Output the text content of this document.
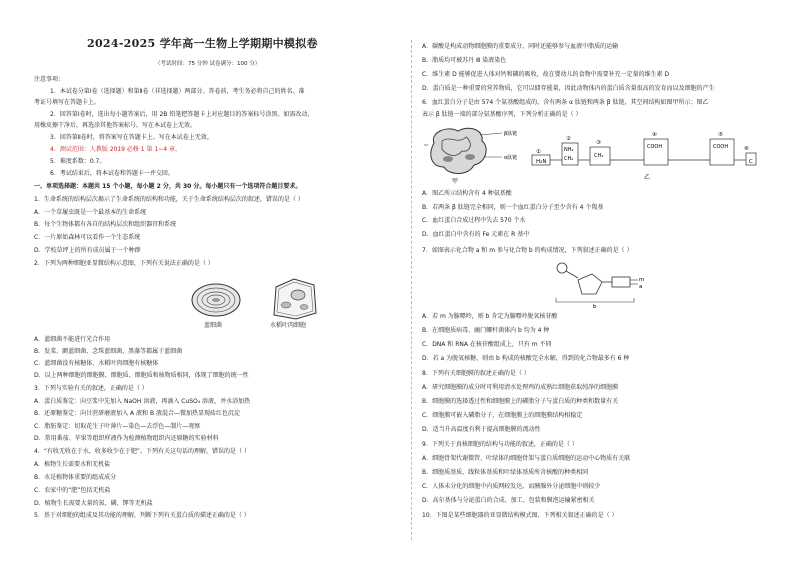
2024-2025 学年高一生物上学期期中模拟卷
（考试时间：75 分钟 试卷满分：100 分）
注意事项：
1．本试卷分第Ⅰ卷（选择题）和第Ⅱ卷（非选择题）两部分。答卷前，考生务必将自己的姓名、准
考证号填写在答题卡上。
2．回答第Ⅰ卷时，选出每小题答案后，用 2B 铅笔把答题卡上对应题目的答案标号涂黑。如需改动，
用橡皮擦干净后，再选涂其他答案标号。写在本试卷上无效。
3．回答第Ⅱ卷时，将答案写在答题卡上。写在本试卷上无效。
4．测试范围：人教版 2019 必修 1 第 1~4 章。
5．难度系数：0.7。
6．考试结束后，将本试卷和答题卡一并交回。
一、单项选择题：本题共 15 个小题，每小题 2 分，共 30 分。每小题只有一个选项符合题目要求。
1．生命系统的结构层次揭示了生命系统的结构和功能，关于生命系统结构层次的叙述，错误的是（ ）
A．一个草履虫既是一个最基本的生命系统
B．每个生物体都有各自的结构层次和组织器官和系统
C．一片原始森林可以看作一个生态系统
D．学校草坪上的所有成员属于一个种群
2．下列为两种细胞亚显微结构示意图，下列有关说法正确的是（ ）
蓝细菌	水稻叶肉细胞
A．蓝细菌不能进行光合作用
B．发菜、颤蓝细菌、念珠蓝细菌、黑藻等都属于蓝细菌
C．蓝细菌没有核糖体，水稻叶肉细胞有核糖体
D．以上两种细胞的细胞膜、细胞质、细胞质和核物质相同，体现了细胞的统一性
3．下列与实验有关的叙述，正确的是（ ）
A．蛋白质鉴定：向豆浆中先加入 NaOH 溶液，再滴入 CuSO₄ 溶液，并水浴加热
B．还原糖鉴定：向甘蔗研磨液加入 A 液和 B 液混合—微加热显现砖红色沉淀
C．脂肪鉴定：切取花生子叶薄片—染色—去浮色—制片—观察
D．常用番茄、苹果等组织样液作为检测植物组织内还原糖的实验材料
4．“有收无收在于水，收多收少在于肥”。下列有关这句话的理解，错误的是（ ）
A．植物生长需要水和无机盐
B．水是植物体重要的组成成分
C．农家中的“肥”包括无机盐
D．植物生长需要大量的氮、磷、钾等无机盐
5．基于对细胞的组成及其功能的理解，判断下列有关蛋白质的描述正确的是（ ）
A．碳酸是构成动物细胞膜的重要成分，同时还能够参与血液中脂质的运输
B．脂质均可被苏丹 Ⅲ 染液染色
C．维生素 D 能够促进人体对钙和磷的吸收，故在婴幼儿的食物中需要补充一定量的维生素 D
D．蛋白质是一种重要的营养物质，它可以储存能量，因此动物体内的蛋白质含量很高的发育而以及细胞的产生
6．血红蛋白分子是由 574 个氨基酸组成的，含有两条 α 肽链和两条 β 肽链，其空间结构如图甲所示；图乙
表示 β 肽链一端的部分氨基酸序列，下列分析正确的是（ ）
H₂N
NH₂
CH₂	CH₃
COOH	COOH
C
①
②
③
④	⑤
⑥
β肽链
α肽链
甲
乙
A．图乙所示结构含有 4 种氨基酸
B．若两条 β 肽链完全相同，则一个血红蛋白分子至少含有 4 个羧基
C．血红蛋白合成过程中失去 570 个水
D．血红蛋白中含有的 Fe 元素在 R 基中
7．如图表示化合物 a 和 m 参与化合物 b 的构成情况，下列叙述正确的是（ ）
m
a
b
A．若 m 为腺嘌呤，则 b 肯定为腺嘌呤脱氧核苷酸
B．在细胞质病毒、幽门螺杆菌体内 b 均为 4 种
C．DNA 和 RNA 在核苷酸组成上，只有 m 不同
D．若 a 为脱氧核糖，则由 b 构成的核酸完全水解，得到的化合物最多有 6 种
8．下列有关细胞膜的叙述正确的是（ ）
A．研究细胞膜的成分时可利用清水处理鸡的成熟红细胞获取纯净的细胞膜
B．细胞膜的选择透过性和细胞膜上的磷脂分子与蛋白质的种类和数量有关
C．细胞膜可嵌入磷脂分子，在细胞膜上的细胞膜结构相稳定
D．适当升高温度有利于提高细胞膜的流动性
9．下列关于真核细胞的结构与功能的叙述，正确的是（ ）
A．细胞骨架代谢微管、叶绿体的细胞骨架与蛋白质细胞的运动中心物质有关联
B．细胞质基质、线粒体基质和叶绿体基质所含核酸的种类相同
C．人体未分化的细胞中内质网较发达，而胰腺外分泌细胞中则较少
D．高尔基体与分泌蛋白的合成、加工、包装和膜泡运输紧密相关
10．下图是某些细胞器的亚显微结构模式图，下列相关叙述正确的是（ ）
